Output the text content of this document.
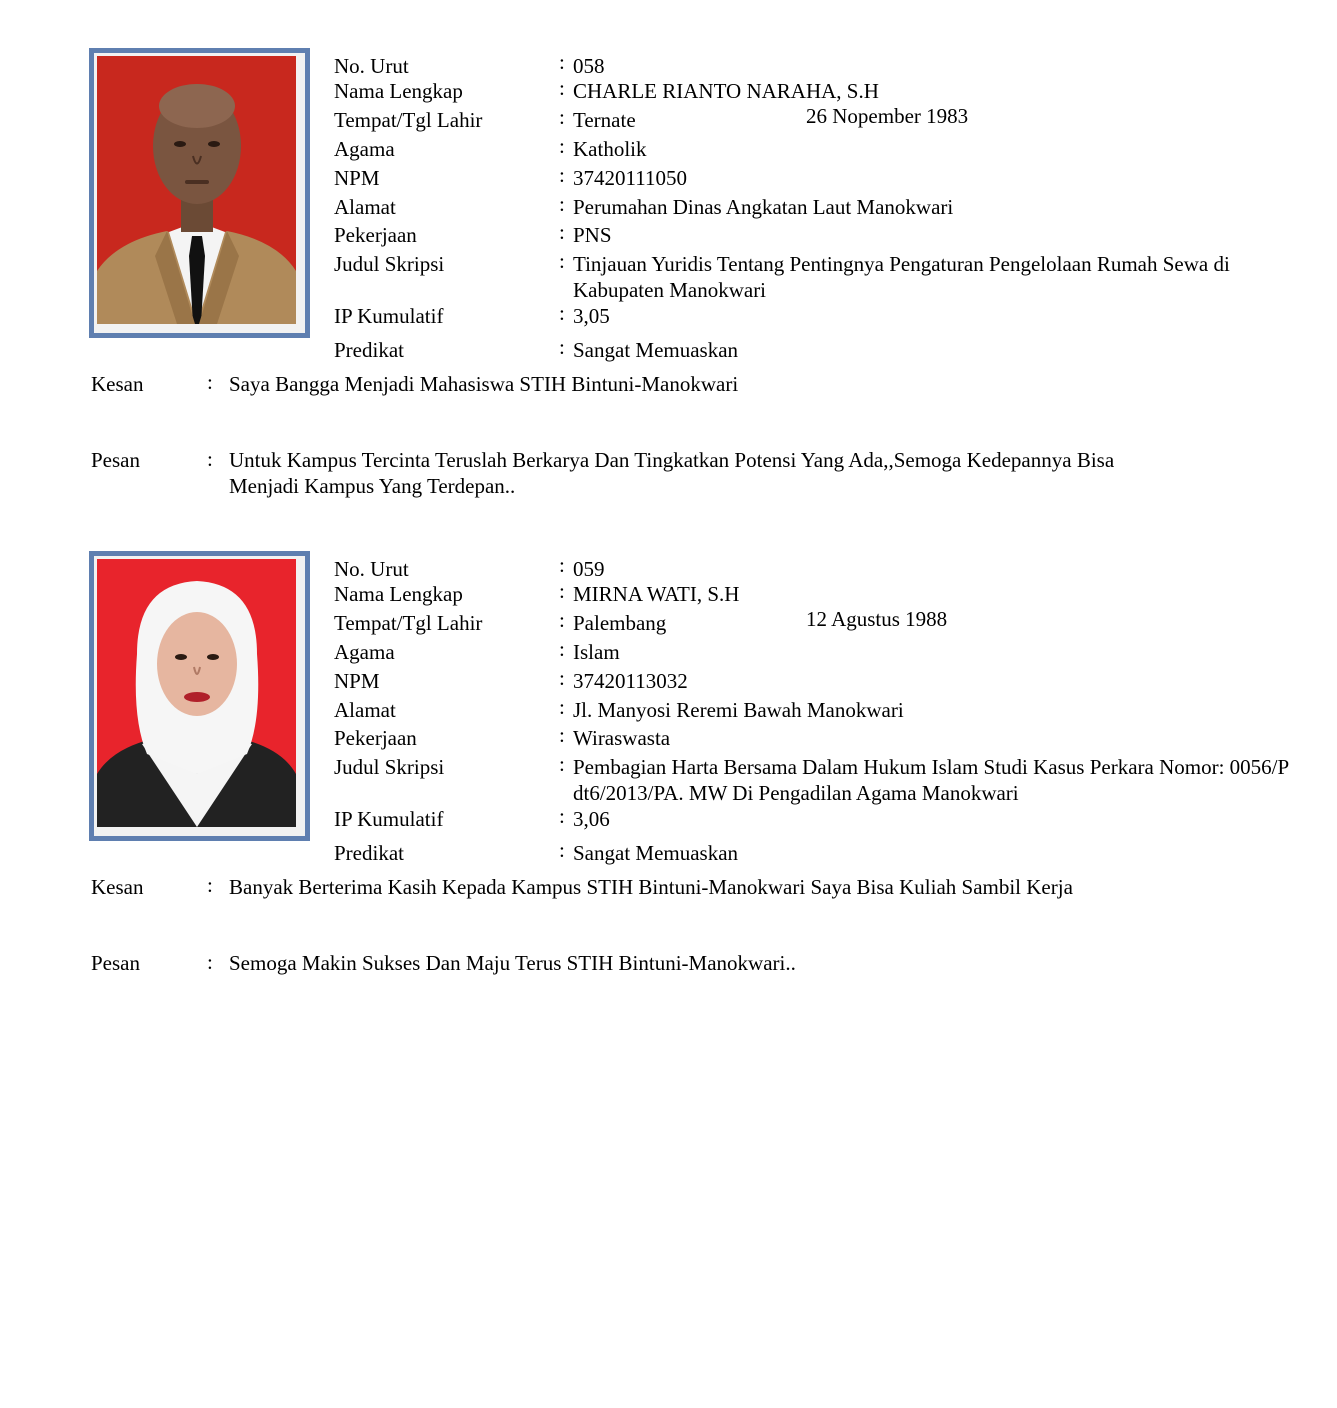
No. Urut	: 058
Nama Lengkap	: CHARLE RIANTO NARAHA, S.H
Tempat/Tgl Lahir	: Ternate	26 Nopember 1983
Agama	: Katholik
NPM	: 37420111050
Alamat	: Perumahan Dinas Angkatan Laut Manokwari
Pekerjaan	: PNS
Judul Skripsi	: Tinjauan Yuridis Tentang Pentingnya Pengaturan Pengelolaan Rumah Sewa di Kabupaten Manokwari
IP Kumulatif	: 3,05
Predikat	: Sangat Memuaskan
Kesan	: Saya Bangga Menjadi Mahasiswa STIH Bintuni-Manokwari
Pesan	: Untuk Kampus Tercinta Teruslah Berkarya Dan Tingkatkan Potensi Yang Ada,,Semoga Kedepannya Bisa Menjadi Kampus Yang Terdepan..
No. Urut	: 059
Nama Lengkap	: MIRNA WATI, S.H
Tempat/Tgl Lahir	: Palembang	12 Agustus 1988
Agama	: Islam
NPM	: 37420113032
Alamat	: Jl. Manyosi Reremi Bawah Manokwari
Pekerjaan	: Wiraswasta
Judul Skripsi	: Pembagian Harta Bersama Dalam Hukum Islam Studi Kasus Perkara Nomor: 0056/P dt6/2013/PA. MW Di Pengadilan Agama Manokwari
IP Kumulatif	: 3,06
Predikat	: Sangat Memuaskan
Kesan	: Banyak Berterima Kasih Kepada Kampus STIH Bintuni-Manokwari Saya Bisa Kuliah Sambil Kerja
Pesan	: Semoga Makin Sukses Dan Maju Terus STIH Bintuni-Manokwari..
